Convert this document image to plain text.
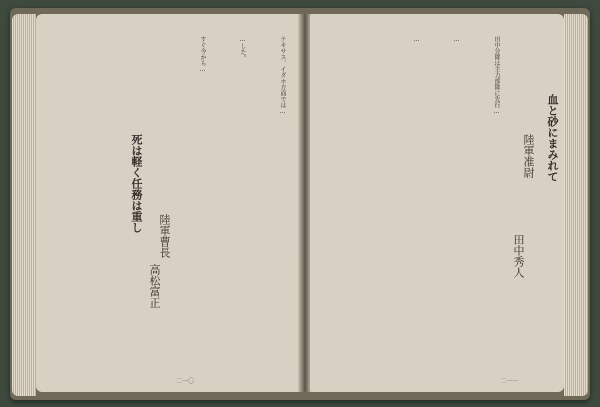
テキサス、イダホ方面では…
…した。
すぐ今から…
死は軽く任務は重し
陸軍曹長
高松富正
二一〇
血と砂にまみれて
陸軍准尉
田中秀人
田中分隊は主力部隊に先行…
…
…
二一一
